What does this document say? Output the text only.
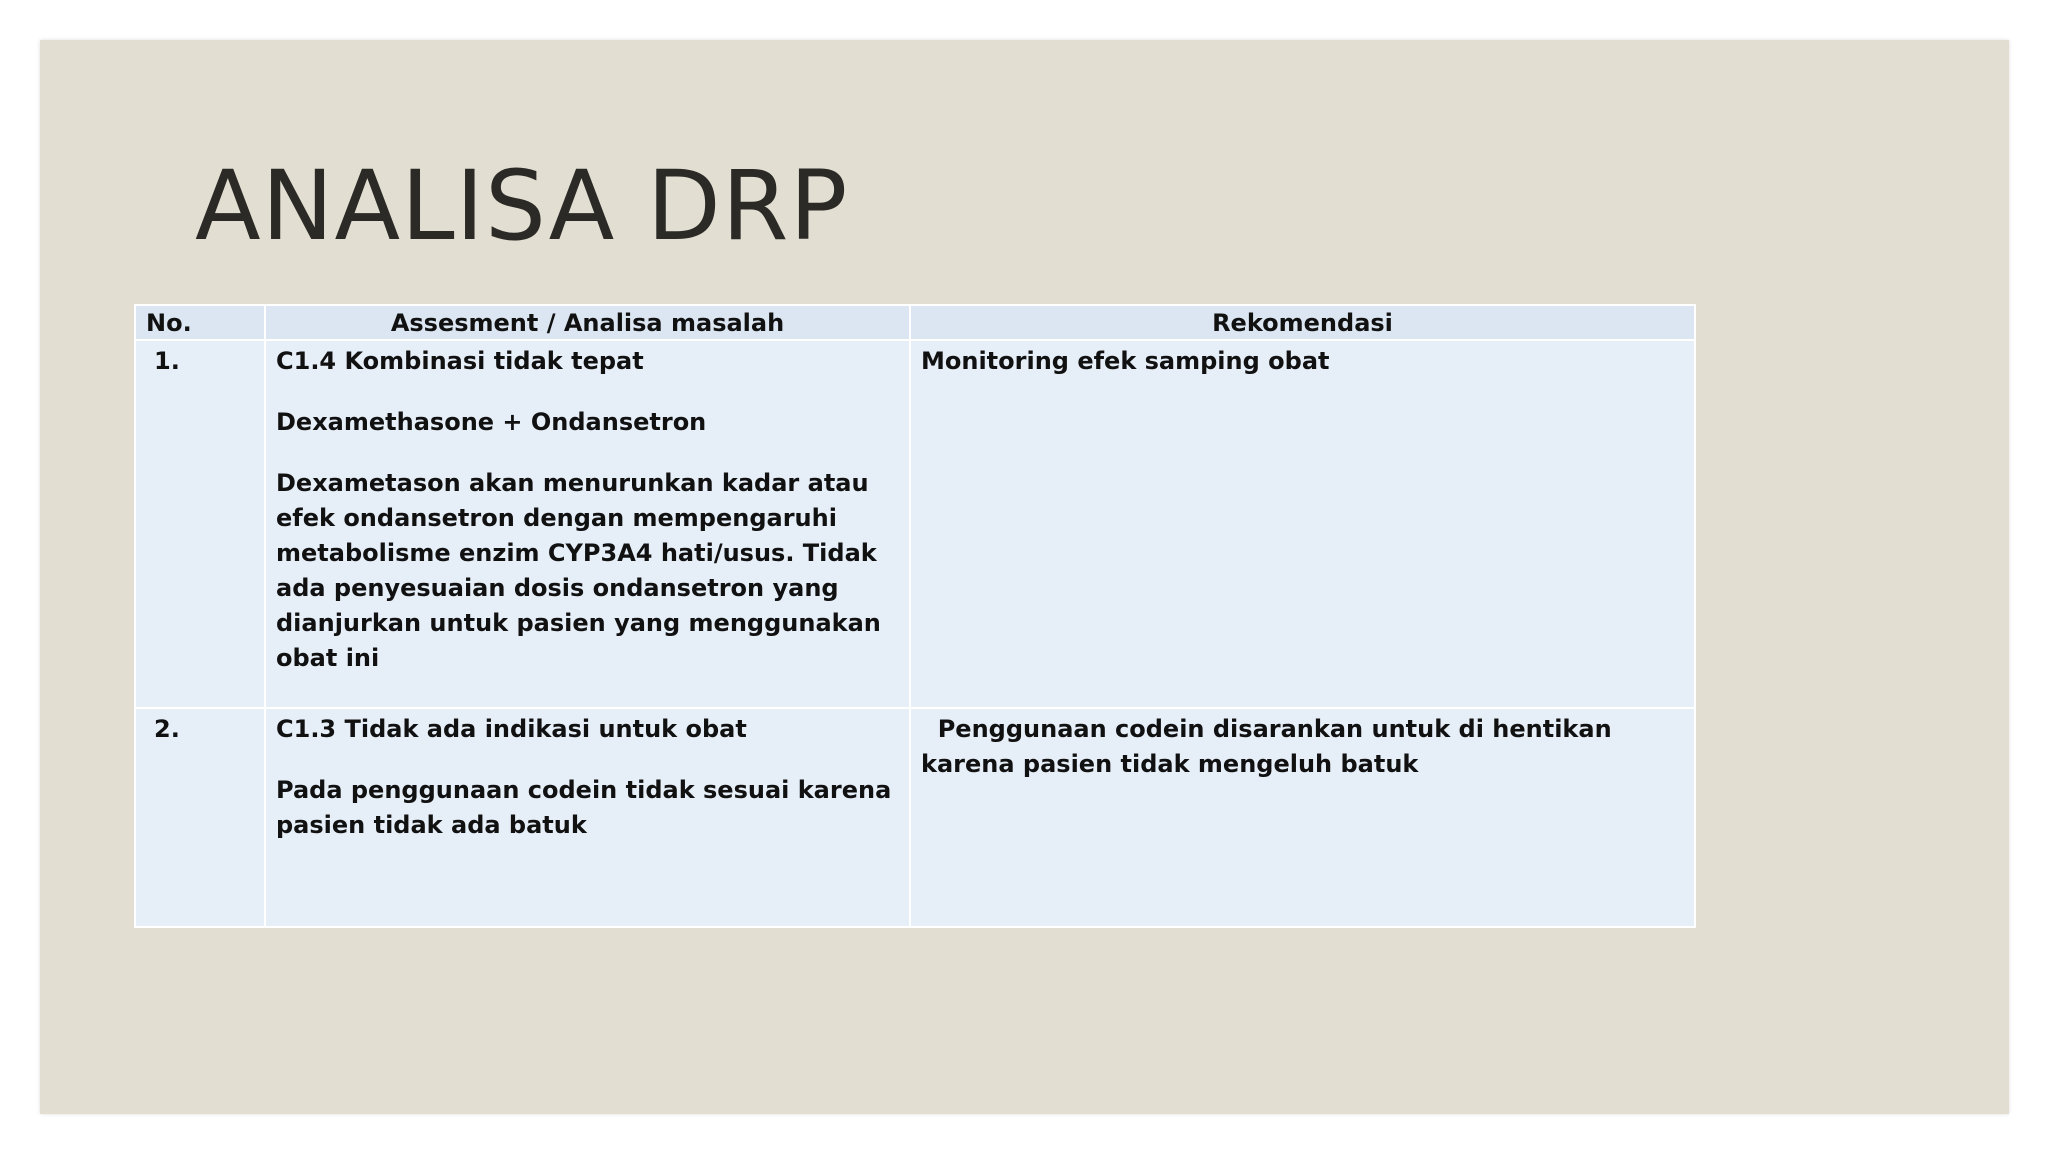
ANALISA DRP
No.	Assesment / Analisa masalah	Rekomendasi
1.	C1.4 Kombinasi tidak tepat

Dexamethasone + Ondansetron

Dexametason akan menurunkan kadar atau efek ondansetron dengan mempengaruhi metabolisme enzim CYP3A4 hati/usus. Tidak ada penyesuaian dosis ondansetron yang dianjurkan untuk pasien yang menggunakan obat ini	Monitoring efek samping obat

2.	C1.3 Tidak ada indikasi untuk obat

Pada penggunaan codein tidak sesuai karena pasien tidak ada batuk	Penggunaan codein disarankan untuk di hentikan karena pasien tidak mengeluh batuk
